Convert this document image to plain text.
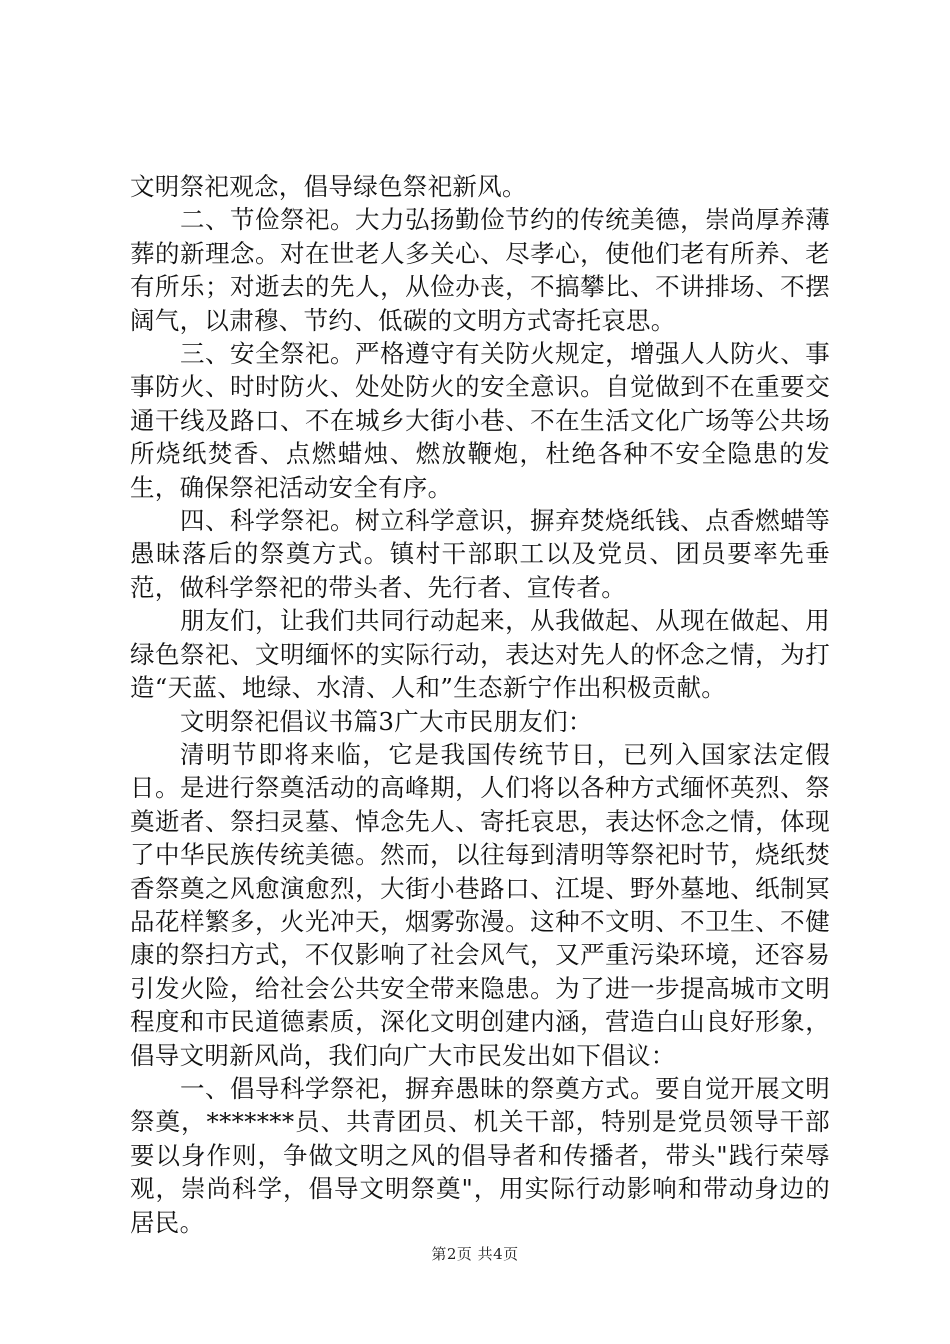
文明祭祀观念，倡导绿色祭祀新风。

二、节俭祭祀。大力弘扬勤俭节约的传统美德，崇尚厚养薄葬的新理念。对在世老人多关心、尽孝心，使他们老有所养、老有所乐；对逝去的先人，从俭办丧，不搞攀比、不讲排场、不摆阔气，以肃穆、节约、低碳的文明方式寄托哀思。

三、安全祭祀。严格遵守有关防火规定，增强人人防火、事事防火、时时防火、处处防火的安全意识。自觉做到不在重要交通干线及路口、不在城乡大街小巷、不在生活文化广场等公共场所烧纸焚香、点燃蜡烛、燃放鞭炮，杜绝各种不安全隐患的发生，确保祭祀活动安全有序。

四、科学祭祀。树立科学意识，摒弃焚烧纸钱、点香燃蜡等愚昧落后的祭奠方式。镇村干部职工以及党员、团员要率先垂范，做科学祭祀的带头者、先行者、宣传者。

朋友们，让我们共同行动起来，从我做起、从现在做起、用绿色祭祀、文明缅怀的实际行动，表达对先人的怀念之情，为打造“天蓝、地绿、水清、人和”生态新宁作出积极贡献。

文明祭祀倡议书篇3广大市民朋友们：

清明节即将来临，它是我国传统节日，已列入国家法定假日。是进行祭奠活动的高峰期，人们将以各种方式缅怀英烈、祭奠逝者、祭扫灵墓、悼念先人、寄托哀思，表达怀念之情，体现了中华民族传统美德。然而，以往每到清明等祭祀时节，烧纸焚香祭奠之风愈演愈烈，大街小巷路口、江堤、野外墓地、纸制冥品花样繁多，火光冲天，烟雾弥漫。这种不文明、不卫生、不健康的祭扫方式，不仅影响了社会风气，又严重污染环境，还容易引发火险，给社会公共安全带来隐患。为了进一步提高城市文明程度和市民道德素质，深化文明创建内涵，营造白山良好形象，倡导文明新风尚，我们向广大市民发出如下倡议：

一、倡导科学祭祀，摒弃愚昧的祭奠方式。要自觉开展文明祭奠，*******员、共青团员、机关干部，特别是党员领导干部要以身作则，争做文明之风的倡导者和传播者，带头"践行荣辱观，崇尚科学，倡导文明祭奠"，用实际行动影响和带动身边的居民。

第2页 共4页
